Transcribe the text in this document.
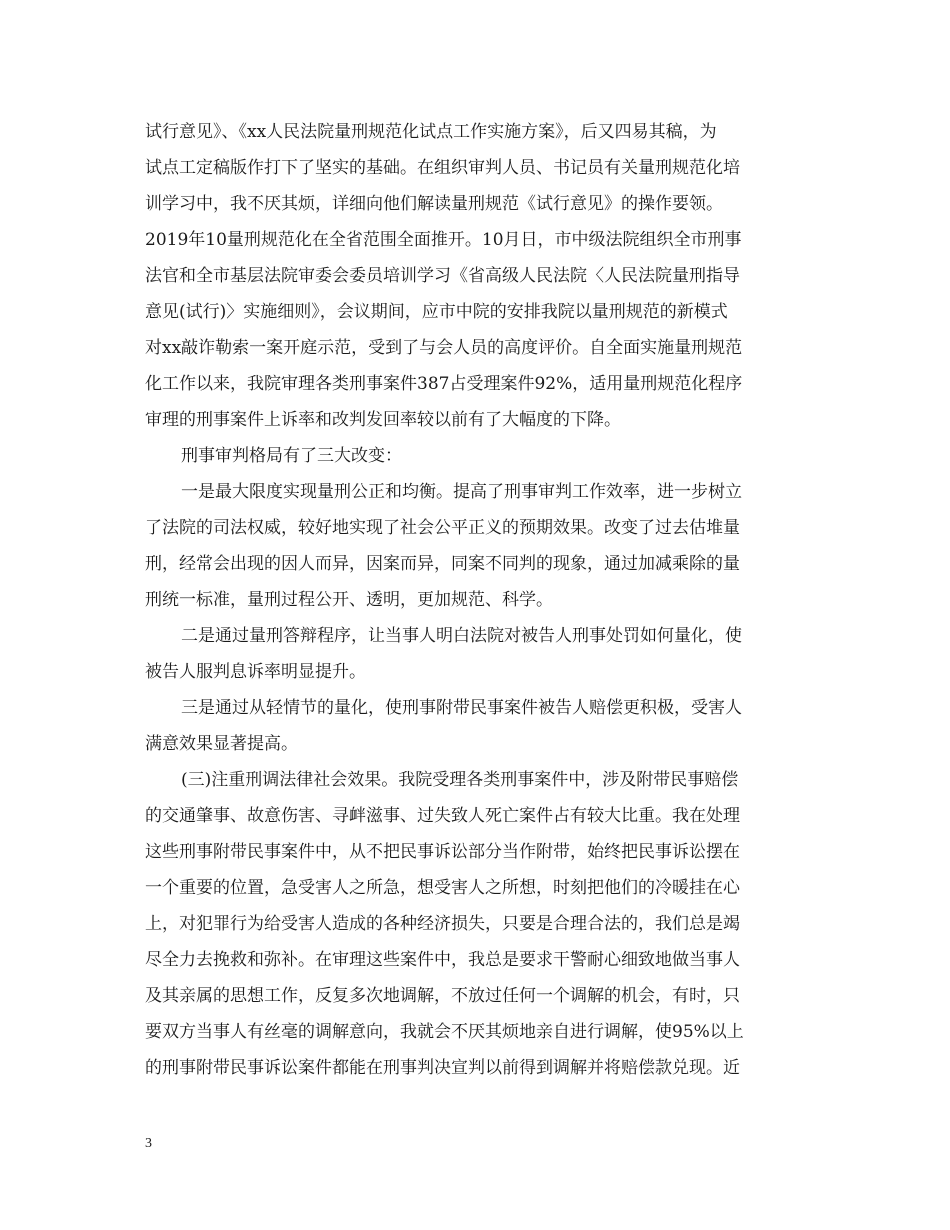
试行意见》、《xx人民法院量刑规范化试点工作实施方案》，后又四易其稿，为
试点工定稿版作打下了坚实的基础。在组织审判人员、书记员有关量刑规范化培
训学习中，我不厌其烦，详细向他们解读量刑规范《试行意见》的操作要领。
2019年10量刑规范化在全省范围全面推开。10月日，市中级法院组织全市刑事
法官和全市基层法院审委会委员培训学习《省高级人民法院〈人民法院量刑指导
意见(试行)〉实施细则》，会议期间，应市中院的安排我院以量刑规范的新模式
对xx敲诈勒索一案开庭示范，受到了与会人员的高度评价。自全面实施量刑规范
化工作以来，我院审理各类刑事案件387占受理案件92%，适用量刑规范化程序
审理的刑事案件上诉率和改判发回率较以前有了大幅度的下降。
刑事审判格局有了三大改变：
一是最大限度实现量刑公正和均衡。提高了刑事审判工作效率，进一步树立
了法院的司法权威，较好地实现了社会公平正义的预期效果。改变了过去估堆量
刑，经常会出现的因人而异，因案而异，同案不同判的现象，通过加减乘除的量
刑统一标准，量刑过程公开、透明，更加规范、科学。
二是通过量刑答辩程序，让当事人明白法院对被告人刑事处罚如何量化，使
被告人服判息诉率明显提升。
三是通过从轻情节的量化，使刑事附带民事案件被告人赔偿更积极，受害人
满意效果显著提高。
(三)注重刑调法律社会效果。我院受理各类刑事案件中，涉及附带民事赔偿
的交通肇事、故意伤害、寻衅滋事、过失致人死亡案件占有较大比重。我在处理
这些刑事附带民事案件中，从不把民事诉讼部分当作附带，始终把民事诉讼摆在
一个重要的位置，急受害人之所急，想受害人之所想，时刻把他们的冷暖挂在心
上，对犯罪行为给受害人造成的各种经济损失，只要是合理合法的，我们总是竭
尽全力去挽救和弥补。在审理这些案件中，我总是要求干警耐心细致地做当事人
及其亲属的思想工作，反复多次地调解，不放过任何一个调解的机会，有时，只
要双方当事人有丝毫的调解意向，我就会不厌其烦地亲自进行调解，使95%以上
的刑事附带民事诉讼案件都能在刑事判决宣判以前得到调解并将赔偿款兑现。近
3
